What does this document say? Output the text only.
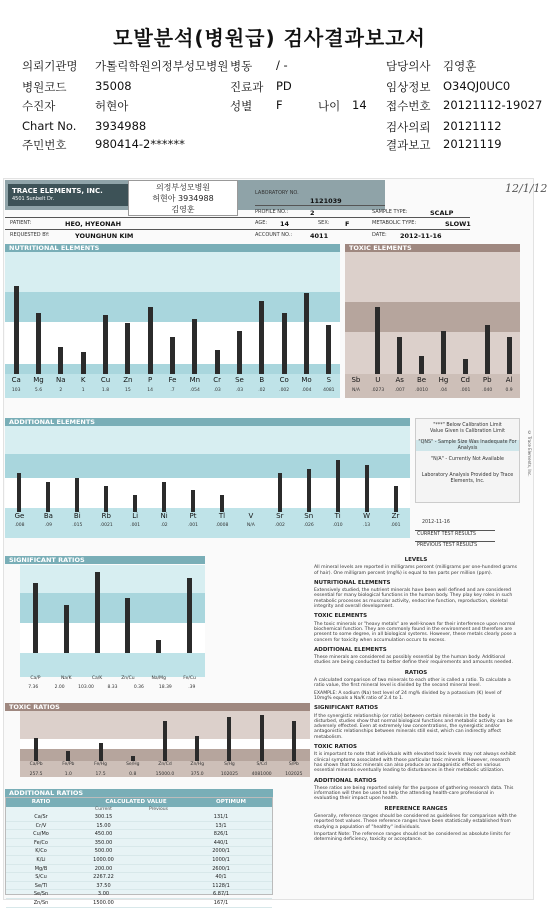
모발분석(병원급) 검사결과보고서
의뢰기관명 가톨릭학원의정부성모병원 병동 / -	담당의사 김영훈
병원코드 35008	진료과 PD	임상정보 O34QJ0UC0
수진자	허현아	성별 F	나이 14 접수번호 20121112-19027
Chart No. 3934988	검사의뢰 20121112
주민번호 980414-2******	결과보고 20121119
TRACE ELEMENTS, INC.
4501 Sunbelt Dr.
의정부성모병원
허현아 3934988
김영훈
12/1/12
LABORATORY NO.
1121039
PROFILE NO.:	2	SAMPLE TYPE:	SCALP
PATIENT:	HEO, HYEONAH	AGE: 14	SEX: F	METABOLIC TYPE:	SLOW1
REQUESTED BY:	YOUNGHUN KIM	ACCOUNT NO.:	4011	DATE: 2012-11-16
NUTRITIONAL ELEMENTS
Ca	Mg	Na	K	Cu	Zn	P	Fe	Mn	Cr	Se	B	Co	Mo	S
103	5.6	2	1	1.8	15	14	.7	.054	.03	.03	.02	.002	.004	4081
TOXIC ELEMENTS
Sb	U	As	Be	Hg	Cd	Pb	Al
N/A	.0273	.007	.0010	.04	.001	.040	0.9
ADDITIONAL ELEMENTS
Ge	Ba	Bi	Rb	Li	Ni	Pt	Tl	V	Sr	Sn	Ti	W	Zr
.008	.09	.015	.0021	.001	.02	.001	.0008	N/A	.002	.026	.010	.13	.001
"***" Below Calibration Limit
Value Given is Calibration Limit
"QNS" - Sample Size Was Inadequate For Analysis
"N/A" - Currently Not Available
Laboratory Analysis Provided by Trace Elements, Inc.
2012-11-16
CURRENT TEST RESULTS
PREVIOUS TEST RESULTS
© Trace Elements, Inc.
SIGNIFICANT RATIOS
Ca/P	Na/K	Ca/K	Zn/Cu	Na/Mg	Fe/Cu
7.36	2.00	103.00	8.33	0.36	18.39	.39
TOXIC RATIOS
Ca/Pb	Fe/Pb	Fe/Hg	Se/Hg	Zn/Cd	Zn/Hg	S/Hg	S/Cd	S/Pb
257.5	1.0	17.5	0.8	15000.0	375.0	102025	4081000	102025
ADDITIONAL RATIOS
RATIO	CALCULATED VALUE	OPTIMUM
Current	Previous
Ca/Sr	300.15	131/1
Cr/V	15.00	13/1
Cu/Mo	450.00	826/1
Fe/Co	350.00	440/1
K/Co	500.00	2000/1
K/Li	1000.00	1000/1
Mg/B	200.00	2600/1
S/Cu	2267.22	40/1
Se/Tl	37.50	1128/1
Se/Sn	3.00	6.87/1
Zn/Sn	1500.00	167/1
LEVELS

All mineral levels are reported in milligrams percent (milligrams per one-hundred grams of hair). One milligram percent (mg%) is equal to ten parts per million (ppm).

NUTRITIONAL ELEMENTS

Extensively studied, the nutrient minerals have been well defined and are considered essential for many biological functions in the human body. They play key roles in such metabolic processes as muscular activity, endocrine function, reproduction, skeletal integrity and overall development.

TOXIC ELEMENTS

The toxic minerals or "heavy metals" are well-known for their interference upon normal biochemical function. They are commonly found in the environment and therefore are present to some degree, in all biological systems. However, these metals clearly pose a concern for toxicity when accumulation occurs to excess.

ADDITIONAL ELEMENTS

These minerals are considered as possibly essential by the human body. Additional studies are being conducted to better define their requirements and amounts needed.

RATIOS

A calculated comparison of two minerals to each other is called a ratio. To calculate a ratio value, the first mineral level is divided by the second mineral level.

EXAMPLE: A sodium (Na) test level of 24 mg% divided by a potassium (K) level of 10mg% equals a Na/K ratio of 2.4 to 1.

SIGNIFICANT RATIOS

If the synergistic relationship (or ratio) between certain minerals in the body is disturbed, studies show that normal biological functions and metabolic activity can be adversely effected. Even at extremely low concentrations, the synergistic and/or antagonistic relationships between minerals still exist, which can indirectly affect metabolism.

TOXIC RATIOS

It is important to note that individuals with elevated toxic levels may not always exhibit clinical symptoms associated with those particular toxic minerals. However, research has shown that toxic minerals can also produce an antagonistic effect on various essential minerals eventually leading to disturbances in their metabolic utilization.

ADDITIONAL RATIOS

These ratios are being reported solely for the purpose of gathering research data. This information will then be used to help the attending health-care professional in evaluating their impact upon health.

REFERENCE RANGES

Generally, reference ranges should be considered as guidelines for comparison with the reported test values. These reference ranges have been statistically established from studying a population of "healthy" individuals.

Important Note: The reference ranges should not be considered as absolute limits for determining deficiency, toxicity or acceptance.
